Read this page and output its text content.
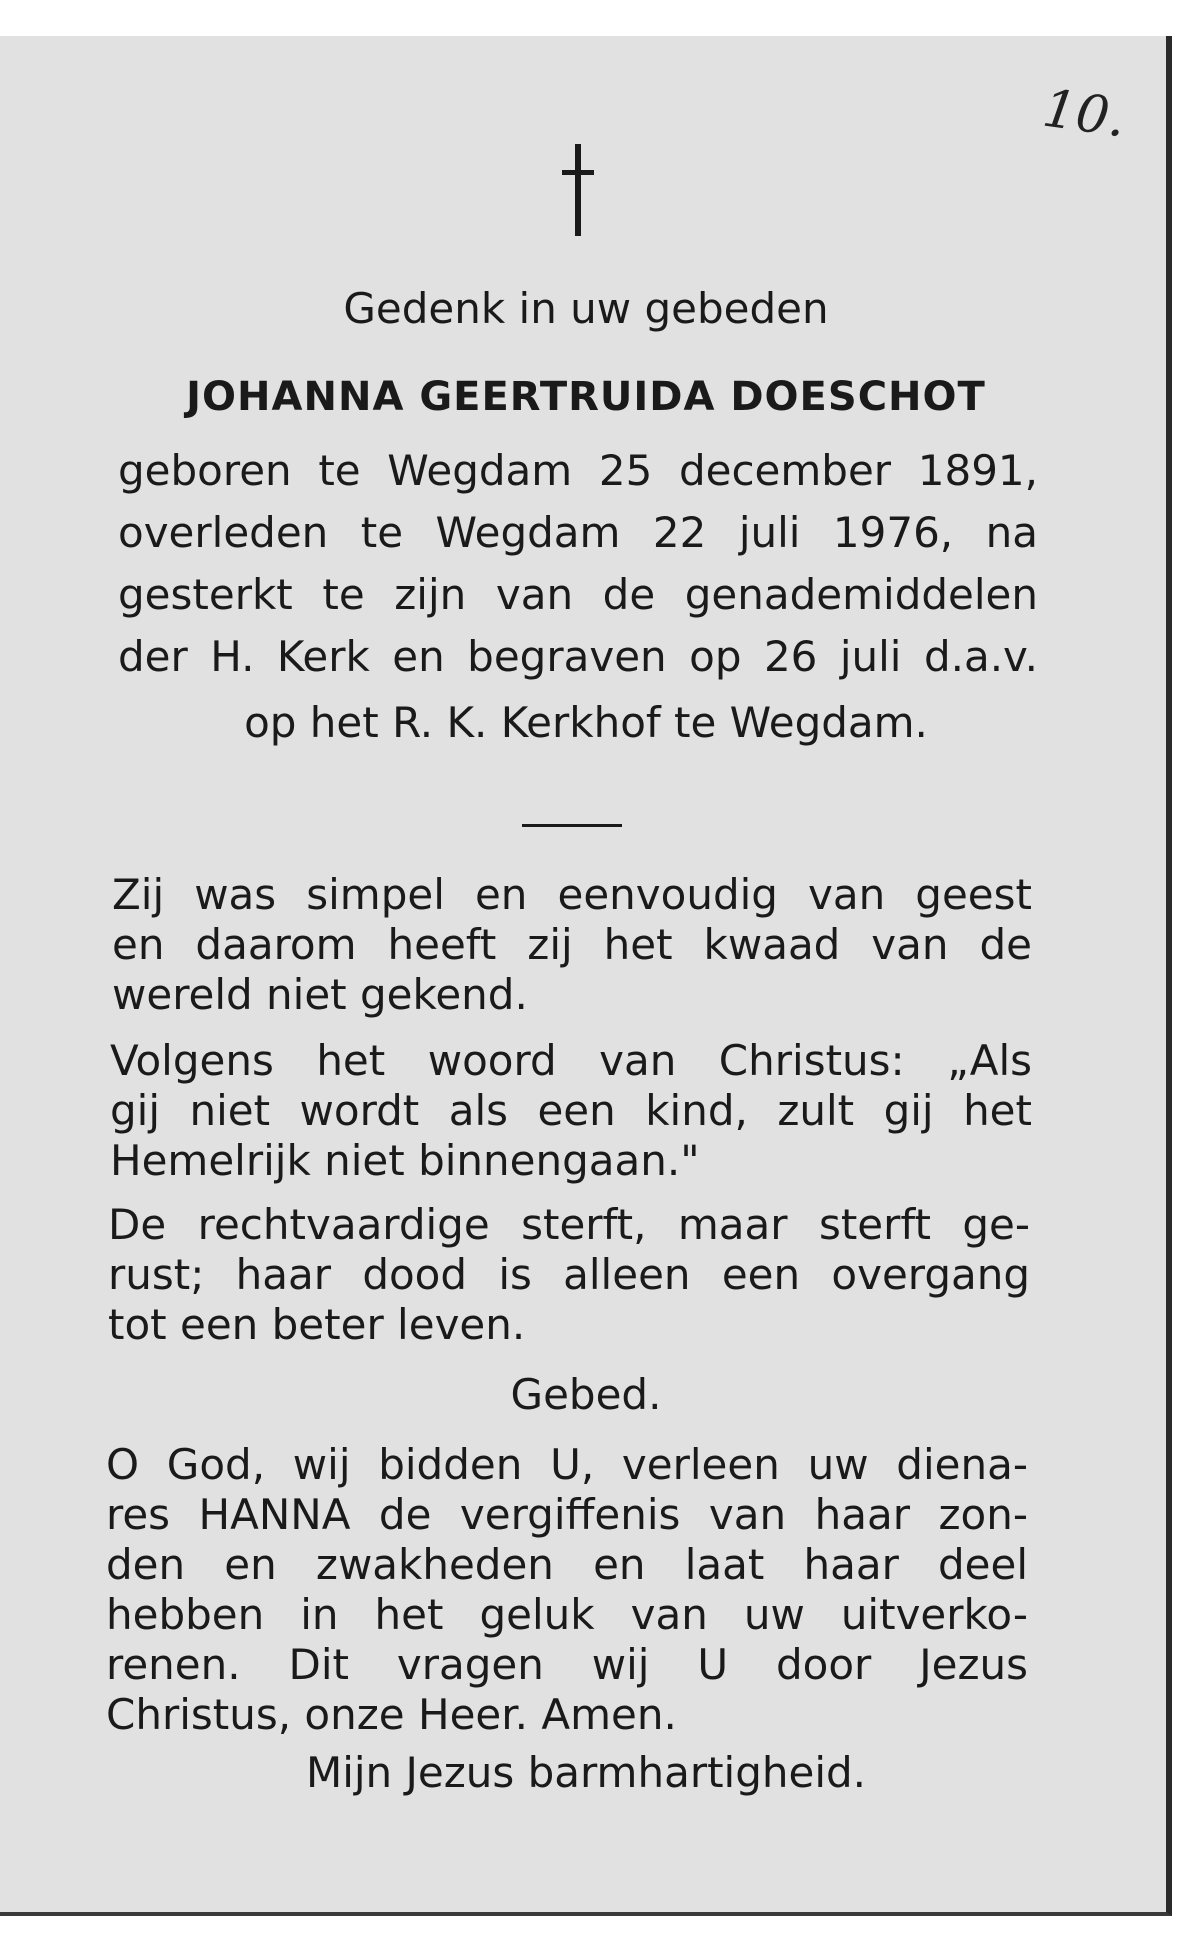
10.
Gedenk in uw gebeden
JOHANNA GEERTRUIDA DOESCHOT
geboren te Wegdam 25 december 1891,
overleden te Wegdam 22 juli 1976, na
gesterkt te zijn van de genademiddelen
der H. Kerk en begraven op 26 juli d.a.v.
op het R. K. Kerkhof te Wegdam.
Zij was simpel en eenvoudig van geest
en daarom heeft zij het kwaad van de
wereld niet gekend.
Volgens het woord van Christus: „Als
gij niet wordt als een kind, zult gij het
Hemelrijk niet binnengaan."
De rechtvaardige sterft, maar sterft ge-
rust; haar dood is alleen een overgang
tot een beter leven.
Gebed.
O God, wij bidden U, verleen uw diena-
res HANNA de vergiffenis van haar zon-
den en zwakheden en laat haar deel
hebben in het geluk van uw uitverko-
renen. Dit vragen wij U door Jezus
Christus, onze Heer. Amen.
Mijn Jezus barmhartigheid.
